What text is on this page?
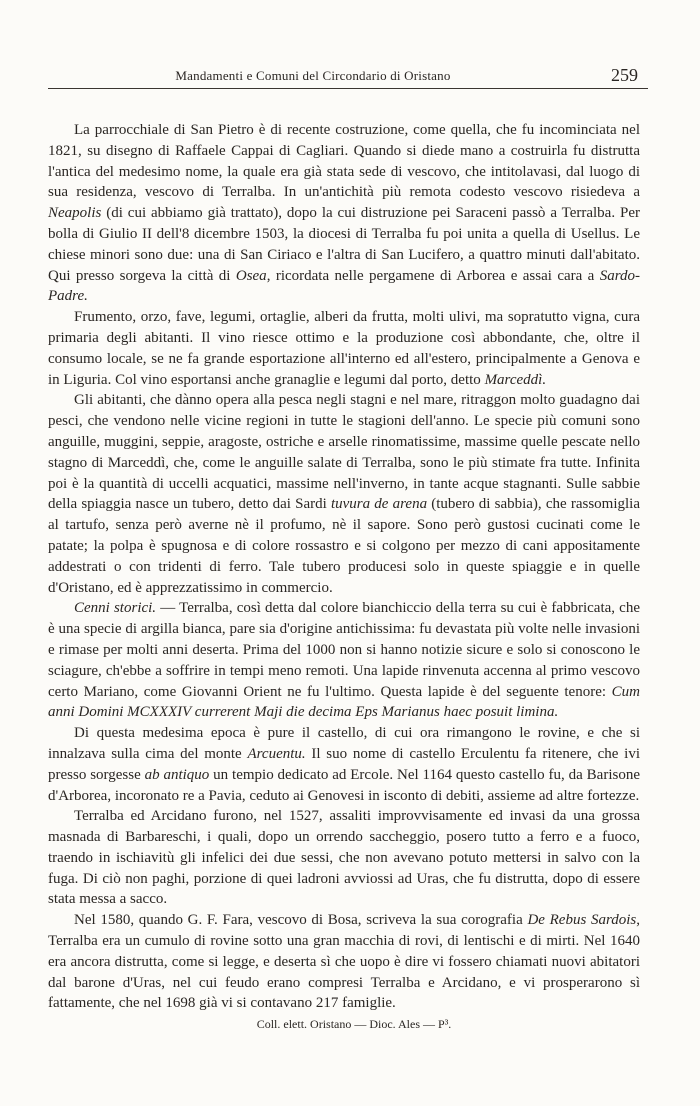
Mandamenti e Comuni del Circondario di Oristano	259

La parrocchiale di San Pietro è di recente costruzione, come quella, che fu incominciata nel 1821, su disegno di Raffaele Cappai di Cagliari. Quando si diede mano a costruirla fu distrutta l'antica del medesimo nome, la quale era già stata sede di vescovo, che intitolavasi, dal luogo di sua residenza, vescovo di Terralba. In un'antichità più remota codesto vescovo risiedeva a Neapolis (di cui abbiamo già trattato), dopo la cui distruzione pei Saraceni passò a Terralba. Per bolla di Giulio II dell'8 dicembre 1503, la diocesi di Terralba fu poi unita a quella di Usellus. Le chiese minori sono due: una di San Ciriaco e l'altra di San Lucifero, a quattro minuti dall'abitato. Qui presso sorgeva la città di Osea, ricordata nelle pergamene di Arborea e assai cara a Sardo-Padre.

Frumento, orzo, fave, legumi, ortaglie, alberi da frutta, molti ulivi, ma sopratutto vigna, cura primaria degli abitanti. Il vino riesce ottimo e la produzione così abbondante, che, oltre il consumo locale, se ne fa grande esportazione all'interno ed all'estero, principalmente a Genova e in Liguria. Col vino esportansi anche granaglie e legumi dal porto, detto Marceddì.

Gli abitanti, che dànno opera alla pesca negli stagni e nel mare, ritraggon molto guadagno dai pesci, che vendono nelle vicine regioni in tutte le stagioni dell'anno. Le specie più comuni sono anguille, muggini, seppie, aragoste, ostriche e arselle rinomatissime, massime quelle pescate nello stagno di Marceddì, che, come le anguille salate di Terralba, sono le più stimate fra tutte. Infinita poi è la quantità di uccelli acquatici, massime nell'inverno, in tante acque stagnanti. Sulle sabbie della spiaggia nasce un tubero, detto dai Sardi tuvura de arena (tubero di sabbia), che rassomiglia al tartufo, senza però averne nè il profumo, nè il sapore. Sono però gustosi cucinati come le patate; la polpa è spugnosa e di colore rossastro e si colgono per mezzo di cani appositamente addestrati o con tridenti di ferro. Tale tubero producesi solo in queste spiaggie e in quelle d'Oristano, ed è apprezzatissimo in commercio.

Cenni storici. — Terralba, così detta dal colore bianchiccio della terra su cui è fabbricata, che è una specie di argilla bianca, pare sia d'origine antichissima: fu devastata più volte nelle invasioni e rimase per molti anni deserta. Prima del 1000 non si hanno notizie sicure e solo si conoscono le sciagure, ch'ebbe a soffrire in tempi meno remoti. Una lapide rinvenuta accenna al primo vescovo certo Mariano, come Giovanni Orient ne fu l'ultimo. Questa lapide è del seguente tenore: Cum anni Domini MCXXXIV currerent Maji die decima Eps Marianus haec posuit limina.

Di questa medesima epoca è pure il castello, di cui ora rimangono le rovine, e che si innalzava sulla cima del monte Arcuentu. Il suo nome di castello Erculentu fa ritenere, che ivi presso sorgesse ab antiquo un tempio dedicato ad Ercole. Nel 1164 questo castello fu, da Barisone d'Arborea, incoronato re a Pavia, ceduto ai Genovesi in isconto di debiti, assieme ad altre fortezze.

Terralba ed Arcidano furono, nel 1527, assaliti improvvisamente ed invasi da una grossa masnada di Barbareschi, i quali, dopo un orrendo saccheggio, posero tutto a ferro e a fuoco, traendo in ischiavitù gli infelici dei due sessi, che non avevano potuto mettersi in salvo con la fuga. Di ciò non paghi, porzione di quei ladroni avviossi ad Uras, che fu distrutta, dopo di essere stata messa a sacco.

Nel 1580, quando G. F. Fara, vescovo di Bosa, scriveva la sua corografia De Rebus Sardois, Terralba era un cumulo di rovine sotto una gran macchia di rovi, di lentischi e di mirti. Nel 1640 era ancora distrutta, come si legge, e deserta sì che uopo è dire vi fossero chiamati nuovi abitatori dal barone d'Uras, nel cui feudo erano compresi Terralba e Arcidano, e vi prosperarono sì fattamente, che nel 1698 già vi si contavano 217 famiglie.

Coll. elett. Oristano — Dioc. Ales — P³.
